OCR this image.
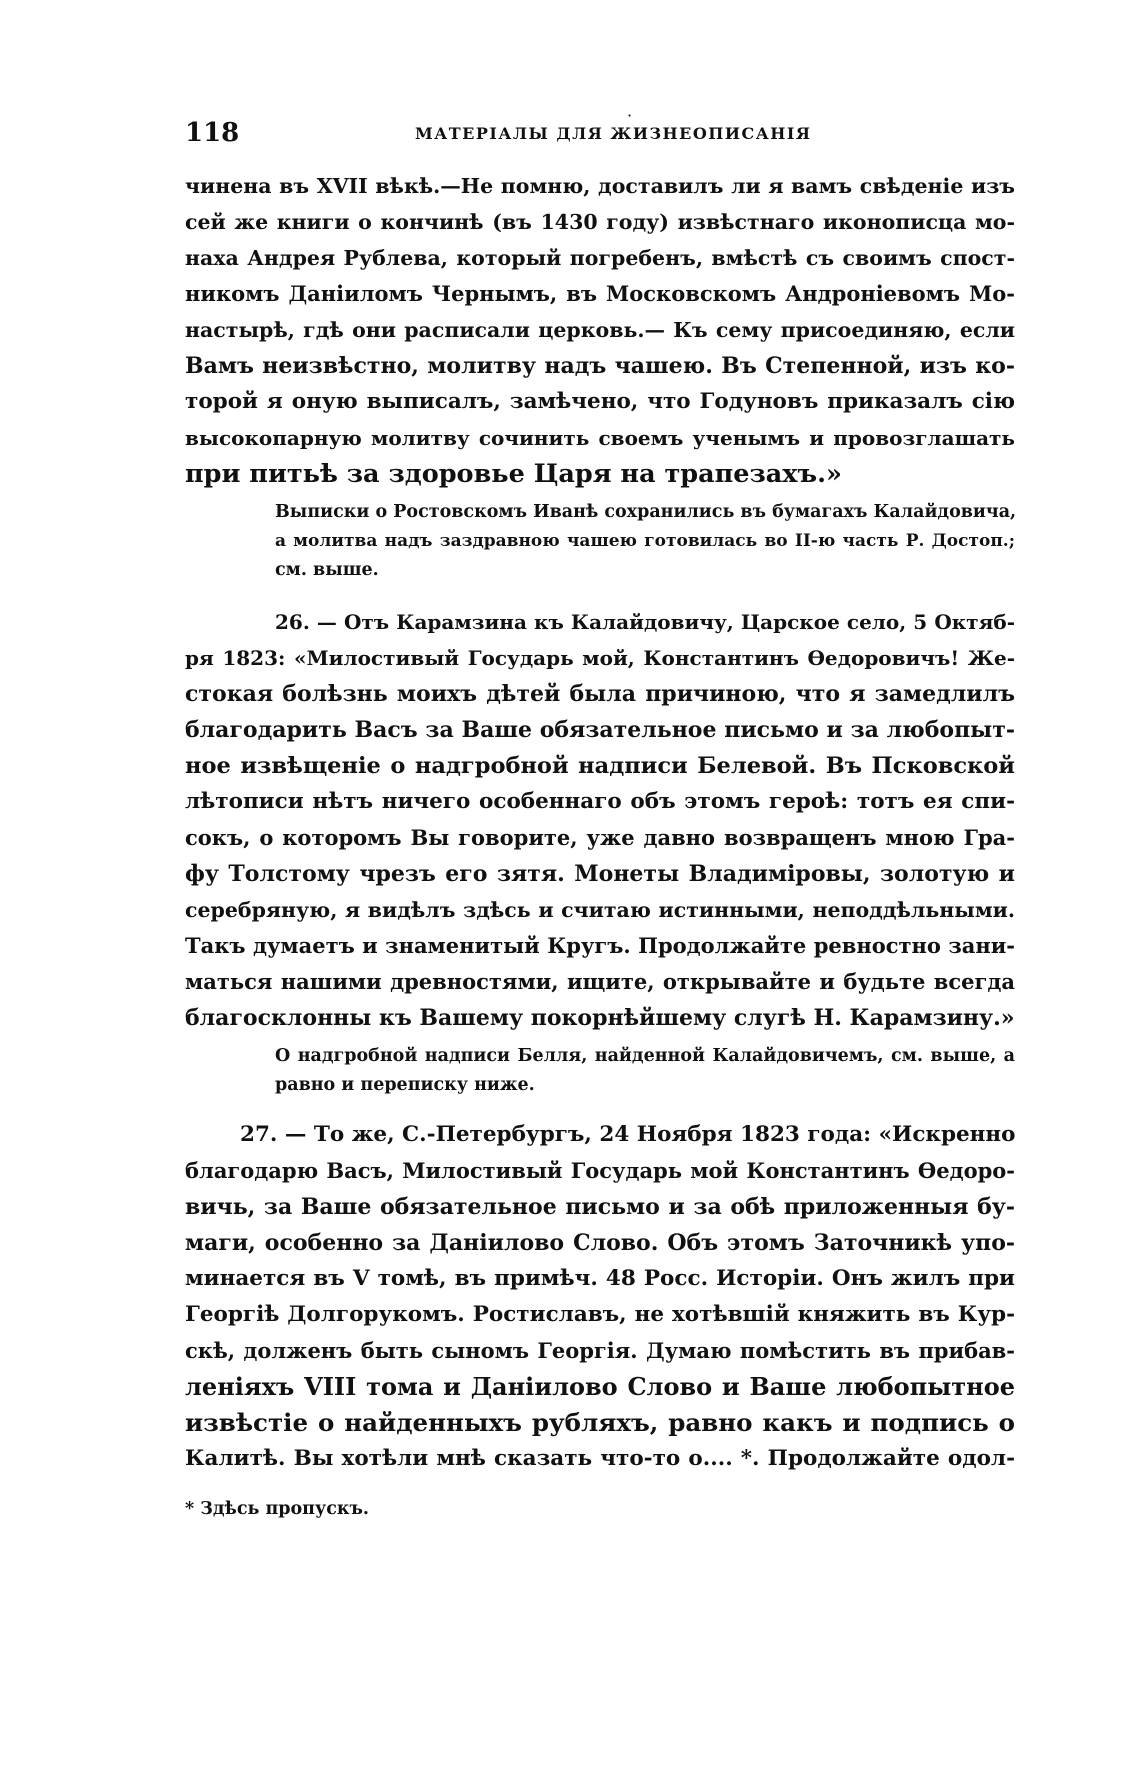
·
118	МАТЕРІАЛЫ ДЛЯ ЖИЗНЕОПИСАНІЯ
чинена въ XVII вѣкѣ.—Не помню, доставилъ ли я вамъ свѣденіе изъ
сей же книги о кончинѣ (въ 1430 году) извѣстнаго иконописца мо-
наха Андрея Рублева, который погребенъ, вмѣстѣ съ своимъ спост-
никомъ Даніиломъ Чернымъ, въ Московскомъ Андроніевомъ Мо-
настырѣ, гдѣ они расписали церковь.— Къ сему присоединяю, если
Вамъ неизвѣстно, молитву надъ чашею. Въ Степенной, изъ ко-
торой я оную выписалъ, замѣчено, что Годуновъ приказалъ сію
высокопарную молитву сочинить своемъ ученымъ и провозглашать
при питьѣ за здоровье Царя на трапезахъ.»
Выписки о Ростовскомъ Иванѣ сохранились въ бумагахъ Калайдовича,
а молитва надъ заздравною чашею готовилась во II-ю часть Р. Достоп.;
см. выше.
26. — Отъ Карамзина къ Калайдовичу, Царское село, 5 Октяб-
ря 1823: «Милостивый Государь мой, Константинъ Ѳедоровичъ! Же-
стокая болѣзнь моихъ дѣтей была причиною, что я замедлилъ
благодарить Васъ за Ваше обязательное письмо и за любопыт-
ное извѣщеніе о надгробной надписи Белевой. Въ Псковской
лѣтописи нѣтъ ничего особеннаго объ этомъ героѣ: тотъ ея спи-
сокъ, о которомъ Вы говорите, уже давно возвращенъ мною Гра-
фу Толстому чрезъ его зятя. Монеты Владиміровы, золотую и
серебряную, я видѣлъ здѣсь и считаю истинными, неподдѣльными.
Такъ думаетъ и знаменитый Кругъ. Продолжайте ревностно зани-
маться нашими древностями, ищите, открывайте и будьте всегда
благосклонны къ Вашему покорнѣйшему слугѣ Н. Карамзину.»
О надгробной надписи Белля, найденной Калайдовичемъ, см. выше, а
равно и переписку ниже.
27. — То же, С.-Петербургъ, 24 Ноября 1823 года: «Искренно
благодарю Васъ, Милостивый Государь мой Константинъ Ѳедоро-
вичь, за Ваше обязательное письмо и за обѣ приложенныя бу-
маги, особенно за Даніилово Слово. Объ этомъ Заточникѣ упо-
минается въ V томѣ, въ примѣч. 48 Росс. Исторіи. Онъ жилъ при
Георгіѣ Долгорукомъ. Ростиславъ, не хотѣвшій княжить въ Кур-
скѣ, долженъ быть сыномъ Георгія. Думаю помѣстить въ прибав-
леніяхъ VIII тома и Даніилово Слово и Ваше любопытное
извѣстіе о найденныхъ рубляхъ, равно какъ и подпись о
Калитѣ. Вы хотѣли мнѣ сказать что-то о.... *. Продолжайте одол-
* Здѣсь пропускъ.
